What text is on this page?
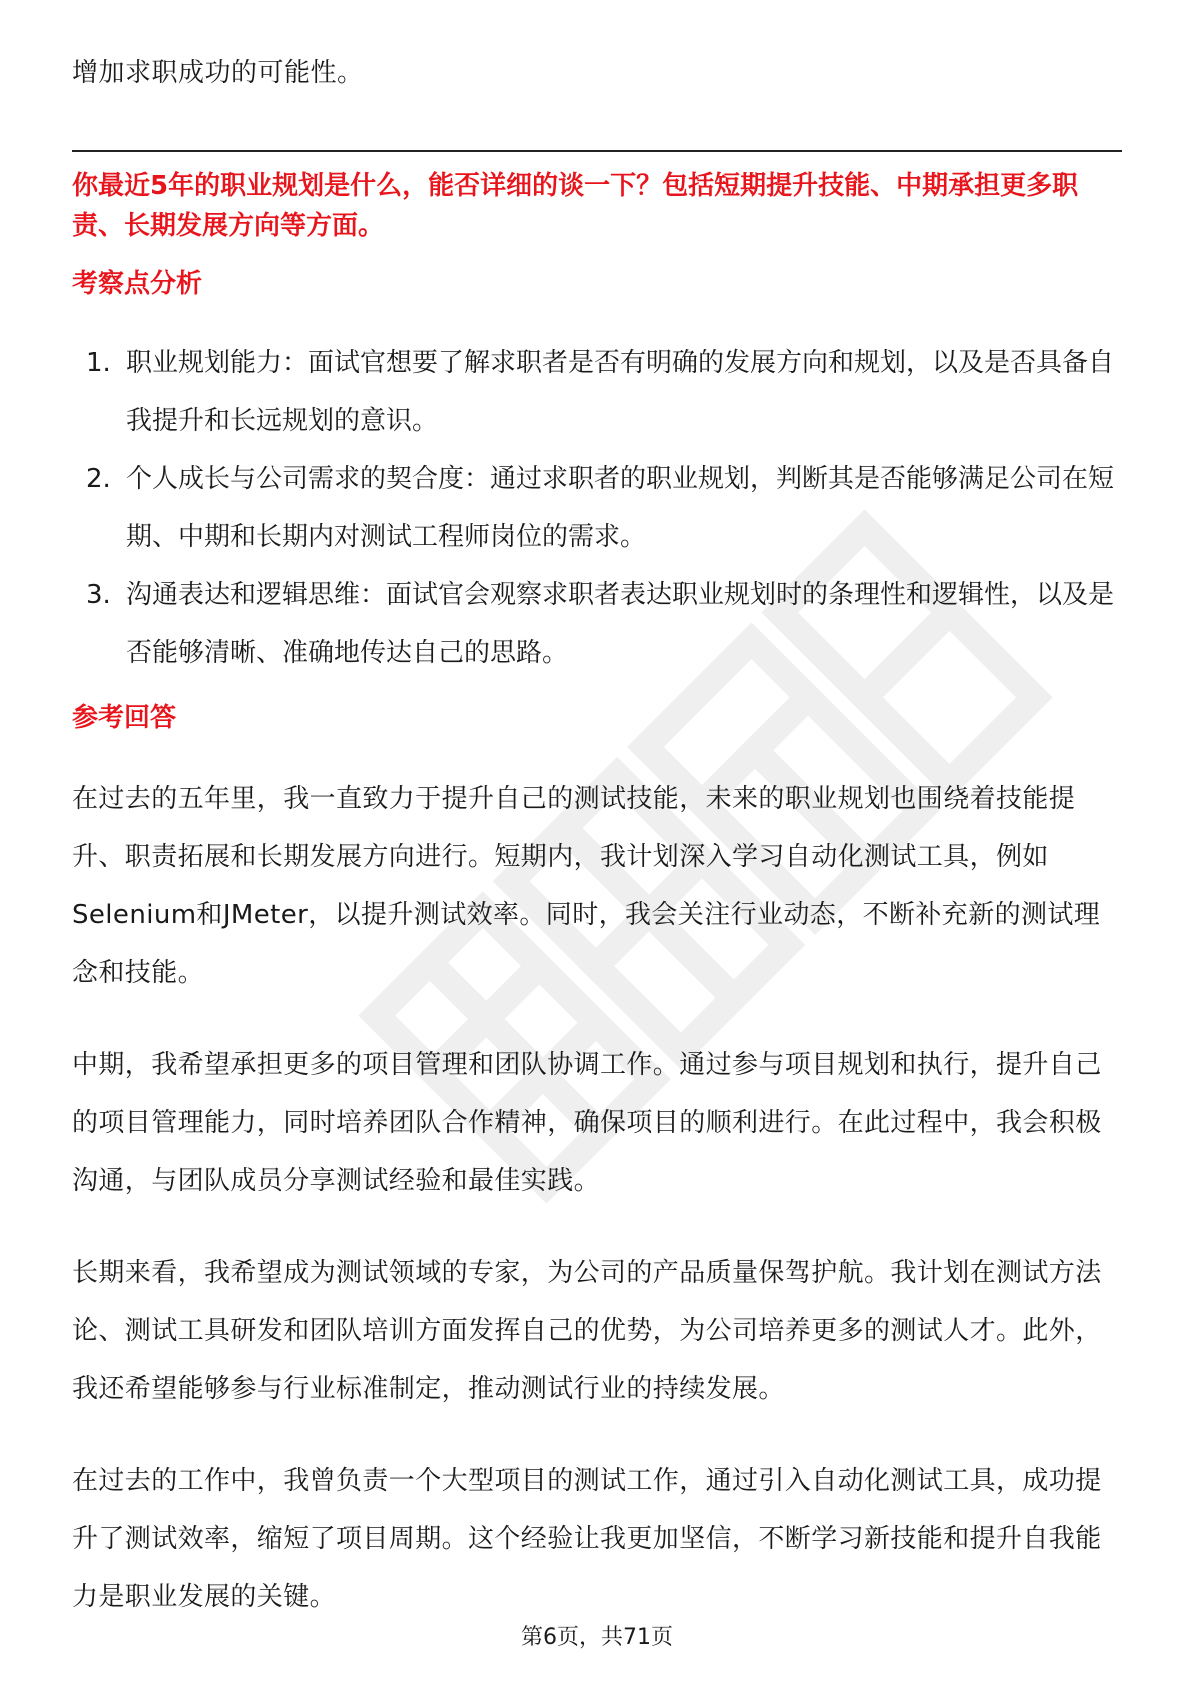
增加求职成功的可能性。

你最近5年的职业规划是什么，能否详细的谈一下？包括短期提升技能、中期承担更多职责、长期发展方向等方面。

考察点分析
1. 职业规划能力：面试官想要了解求职者是否有明确的发展方向和规划，以及是否具备自我提升和长远规划的意识。
2. 个人成长与公司需求的契合度：通过求职者的职业规划，判断其是否能够满足公司在短期、中期和长期内对测试工程师岗位的需求。
3. 沟通表达和逻辑思维：面试官会观察求职者表达职业规划时的条理性和逻辑性，以及是否能够清晰、准确地传达自己的思路。
参考回答

在过去的五年里，我一直致力于提升自己的测试技能，未来的职业规划也围绕着技能提升、职责拓展和长期发展方向进行。短期内，我计划深入学习自动化测试工具，例如Selenium和JMeter，以提升测试效率。同时，我会关注行业动态，不断补充新的测试理念和技能。

中期，我希望承担更多的项目管理和团队协调工作。通过参与项目规划和执行，提升自己的项目管理能力，同时培养团队合作精神，确保项目的顺利进行。在此过程中，我会积极沟通，与团队成员分享测试经验和最佳实践。

长期来看，我希望成为测试领域的专家，为公司的产品质量保驾护航。我计划在测试方法论、测试工具研发和团队培训方面发挥自己的优势，为公司培养更多的测试人才。此外，我还希望能够参与行业标准制定，推动测试行业的持续发展。

在过去的工作中，我曾负责一个大型项目的测试工作，通过引入自动化测试工具，成功提升了测试效率，缩短了项目周期。这个经验让我更加坚信，不断学习新技能和提升自我能力是职业发展的关键。

第6页，共71页
